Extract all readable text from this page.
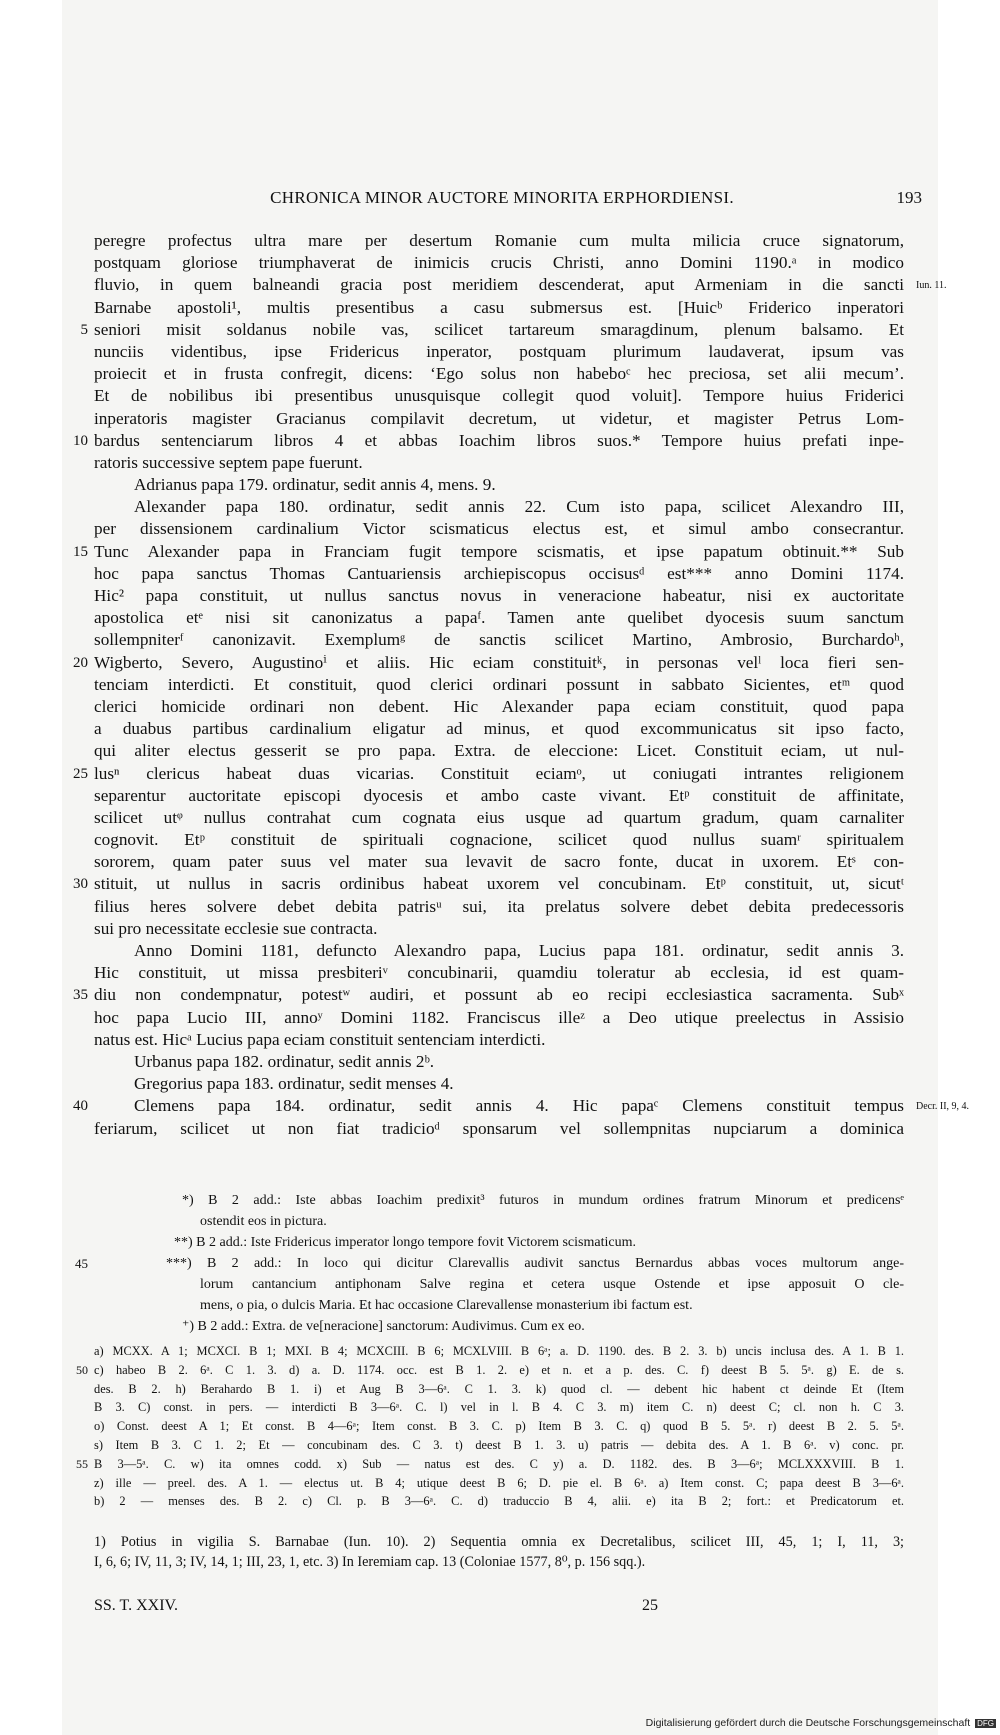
CHRONICA MINOR AUCTORE MINORITA ERPHORDIENSI.	193
peregre profectus ultra mare per desertum Romanie cum multa milicia cruce signatorum,
postquam gloriose triumphaverat de inimicis crucis Christi, anno Domini 1190.ᵃ in modico
fluvio, in quem balneandi gracia post meridiem descenderat, aput Armeniam in die sancti Iun. 11.
Barnabe apostoli¹, multis presentibus a casu submersus est. [Huicᵇ Friderico inperatori
5 seniori misit soldanus nobile vas, scilicet tartareum smaragdinum, plenum balsamo. Et
nunciis videntibus, ipse Fridericus inperator, postquam plurimum laudaverat, ipsum vas
proiecit et in frusta confregit, dicens: ‘Ego solus non habeboᶜ hec preciosa, set alii mecum’.
Et de nobilibus ibi presentibus unusquisque collegit quod voluit]. Tempore huius Friderici
inperatoris magister Gracianus compilavit decretum, ut videtur, et magister Petrus Lom-
10 bardus sentenciarum libros 4 et abbas Ioachim libros suos.* Tempore huius prefati inpe-
ratoris successive septem pape fuerunt.
Adrianus papa 179. ordinatur, sedit annis 4, mens. 9.
Alexander papa 180. ordinatur, sedit annis 22. Cum isto papa, scilicet Alexandro III,
per dissensionem cardinalium Victor scismaticus electus est, et simul ambo consecrantur.
15 Tunc Alexander papa in Franciam fugit tempore scismatis, et ipse papatum obtinuit.** Sub
hoc papa sanctus Thomas Cantuariensis archiepiscopus occisusᵈ est*** anno Domini 1174.
Hic² papa constituit, ut nullus sanctus novus in veneracione habeatur, nisi ex auctoritate
apostolica etᵉ nisi sit canonizatus a papaᶠ. Tamen ante quelibet dyocesis suum sanctum
sollempniterᶠ canonizavit. Exemplumᵍ de sanctis scilicet Martino, Ambrosio, Burchardoʰ,
20 Wigberto, Severo, Augustinoⁱ et aliis. Hic eciam constituitᵏ, in personas velˡ loca fieri sen-
tenciam interdicti. Et constituit, quod clerici ordinari possunt in sabbato Sicientes, etᵐ quod
clerici homicide ordinari non debent. Hic Alexander papa eciam constituit, quod papa
a duabus partibus cardinalium eligatur ad minus, et quod excommunicatus sit ipso facto,
qui aliter electus gesserit se pro papa. Extra. de eleccione: Licet. Constituit eciam, ut nul-
25 lusⁿ clericus habeat duas vicarias. Constituit eciamᵒ, ut coniugati intrantes religionem
separentur auctoritate episcopi dyocesis et ambo caste vivant. Etᵖ constituit de affinitate,
scilicet utᵠ nullus contrahat cum cognata eius usque ad quartum gradum, quam carnaliter
cognovit. Etᵖ constituit de spirituali cognacione, scilicet quod nullus suamʳ spiritualem
sororem, quam pater suus vel mater sua levavit de sacro fonte, ducat in uxorem. Etˢ con-
30 stituit, ut nullus in sacris ordinibus habeat uxorem vel concubinam. Etᵖ constituit, ut, sicutᵗ
filius heres solvere debet debita patrisᵘ sui, ita prelatus solvere debet debita predecessoris
sui pro necessitate ecclesie sue contracta.
Anno Domini 1181, defuncto Alexandro papa, Lucius papa 181. ordinatur, sedit annis 3.
Hic constituit, ut missa presbiteriᵛ concubinarii, quamdiu toleratur ab ecclesia, id est quam-
35 diu non condempnatur, potestʷ audiri, et possunt ab eo recipi ecclesiastica sacramenta. Subˣ
hoc papa Lucio III, annoʸ Domini 1182. Franciscus illeᶻ a Deo utique preelectus in Assisio
natus est. Hicᵃ Lucius papa eciam constituit sentenciam interdicti.
Urbanus papa 182. ordinatur, sedit annis 2ᵇ.
Gregorius papa 183. ordinatur, sedit menses 4.
40	Clemens papa 184. ordinatur, sedit annis 4. Hic papaᶜ Clemens constituit tempus Decr. II, 9, 4.
feriarum, scilicet ut non fiat tradicioᵈ sponsarum vel sollempnitas nupciarum a dominica
*) B 2 add.: Iste abbas Ioachim predixit³ futuros in mundum ordines fratrum Minorum et predicensᵉ
ostendit eos in pictura.
**) B 2 add.: Iste Fridericus imperator longo tempore fovit Victorem scismaticum.
45	***) B 2 add.: In loco qui dicitur Clarevallis audivit sanctus Bernardus abbas voces multorum ange-
lorum cantancium antiphonam Salve regina et cetera usque Ostende et ipse apposuit O cle-
mens, o pia, o dulcis Maria. Et hac occasione Clarevallense monasterium ibi factum est.
⁺) B 2 add.: Extra. de ve[neracione] sanctorum: Audivimus. Cum ex eo.
a) MCXX. A 1; MCXCI. B 1; MXI. B 4; MCXCIII. B 6; MCXLVIII. B 6ᵃ; a. D. 1190. des. B 2. 3. b) uncis inclusa des. A 1. B 1.
50 c) habeo B 2. 6ᵃ. C 1. 3. d) a. D. 1174. occ. est B 1. 2. e) et n. et a p. des. C. f) deest B 5. 5ᵃ. g) E. de s.
des. B 2. h) Berahardo B 1. i) et Aug B 3—6ᵃ. C 1. 3. k) quod cl. — debent hic habent ct deinde Et (Item
B 3. C) const. in pers. — interdicti B 3—6ᵃ. C. l) vel in l. B 4. C 3. m) item C. n) deest C; cl. non h. C 3.
o) Const. deest A 1; Et const. B 4—6ᵃ; Item const. B 3. C. p) Item B 3. C. q) quod B 5. 5ᵃ. r) deest B 2. 5. 5ᵃ.
s) Item B 3. C 1. 2; Et — concubinam des. C 3. t) deest B 1. 3. u) patris — debita des. A 1. B 6ᵃ. v) conc. pr.
55 B 3—5ᵃ. C. w) ita omnes codd. x) Sub — natus est des. C y) a. D. 1182. des. B 3—6ᵃ; MCLXXXVIII. B 1.
z) ille — preel. des. A 1. — electus ut. B 4; utique deest B 6; D. pie el. B 6ᵃ. a) Item const. C; papa deest B 3—6ᵃ.
b) 2 — menses des. B 2. c) Cl. p. B 3—6ᵃ. C. d) traduccio B 4, alii. e) ita B 2; fort.: et Predicatorum et.
1) Potius in vigilia S. Barnabae (Iun. 10). 2) Sequentia omnia ex Decretalibus, scilicet III, 45, 1; I, 11, 3;
I, 6, 6; IV, 11, 3; IV, 14, 1; III, 23, 1, etc. 3) In Ieremiam cap. 13 (Coloniae 1577, 8⁰, p. 156 sqq.).
SS. T. XXIV.	25
Digitalisierung gefördert durch die Deutsche Forschungsgemeinschaft DFG
